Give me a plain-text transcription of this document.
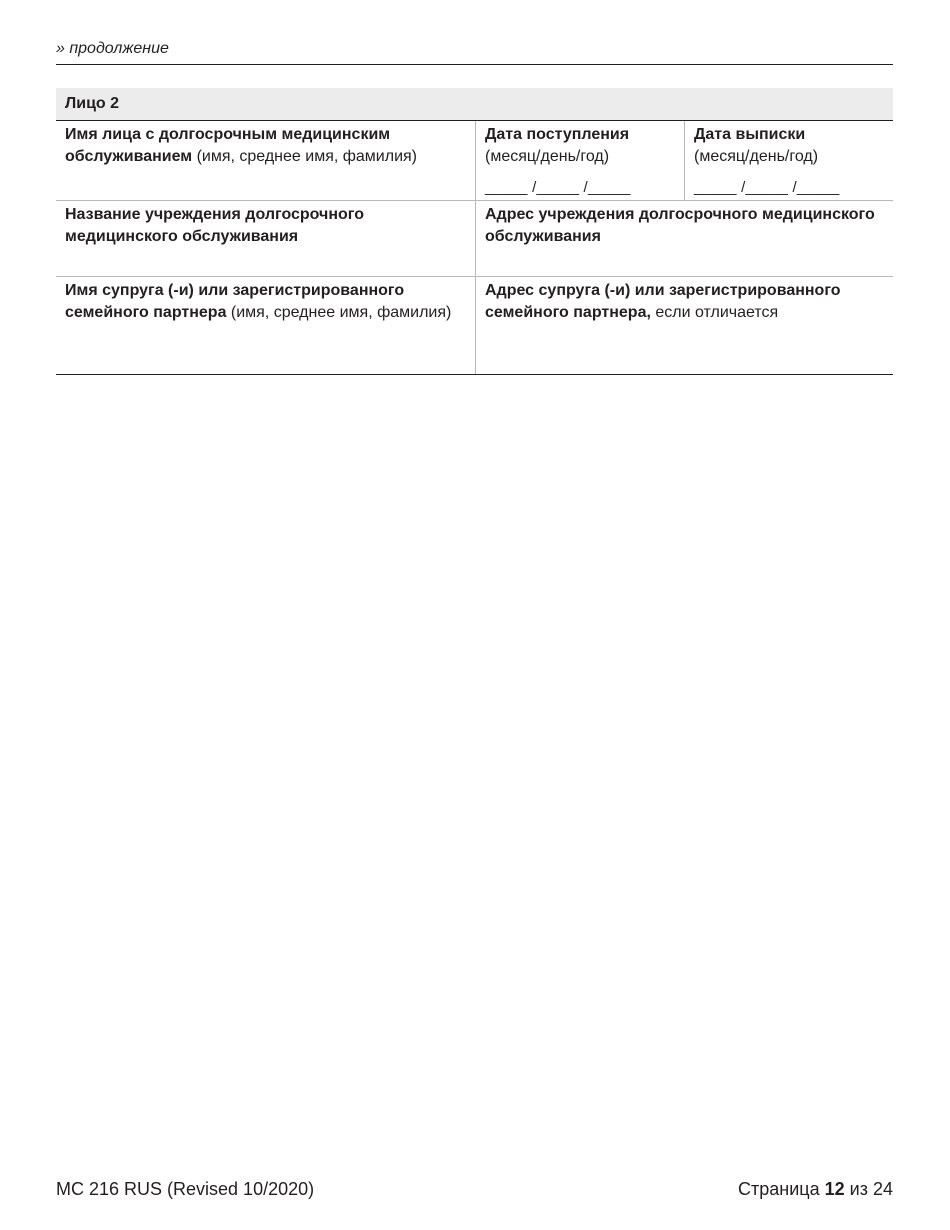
» продолжение
Лицо 2
Имя лица с долгосрочным медицинским обслуживанием (имя, среднее имя, фамилия)
Дата поступления
(месяц/день/год)
_____ /_____ /_____
Дата выписки
(месяц/день/год)
_____ /_____ /_____
Название учреждения долгосрочного медицинского обслуживания
Адрес учреждения долгосрочного медицинского обслуживания
Имя супруга (-и) или зарегистрированного семейного партнера (имя, среднее имя, фамилия)
Адрес супруга (-и) или зарегистрированного семейного партнера, если отличается
MC 216 RUS (Revised 10/2020)	Страница 12 из 24
